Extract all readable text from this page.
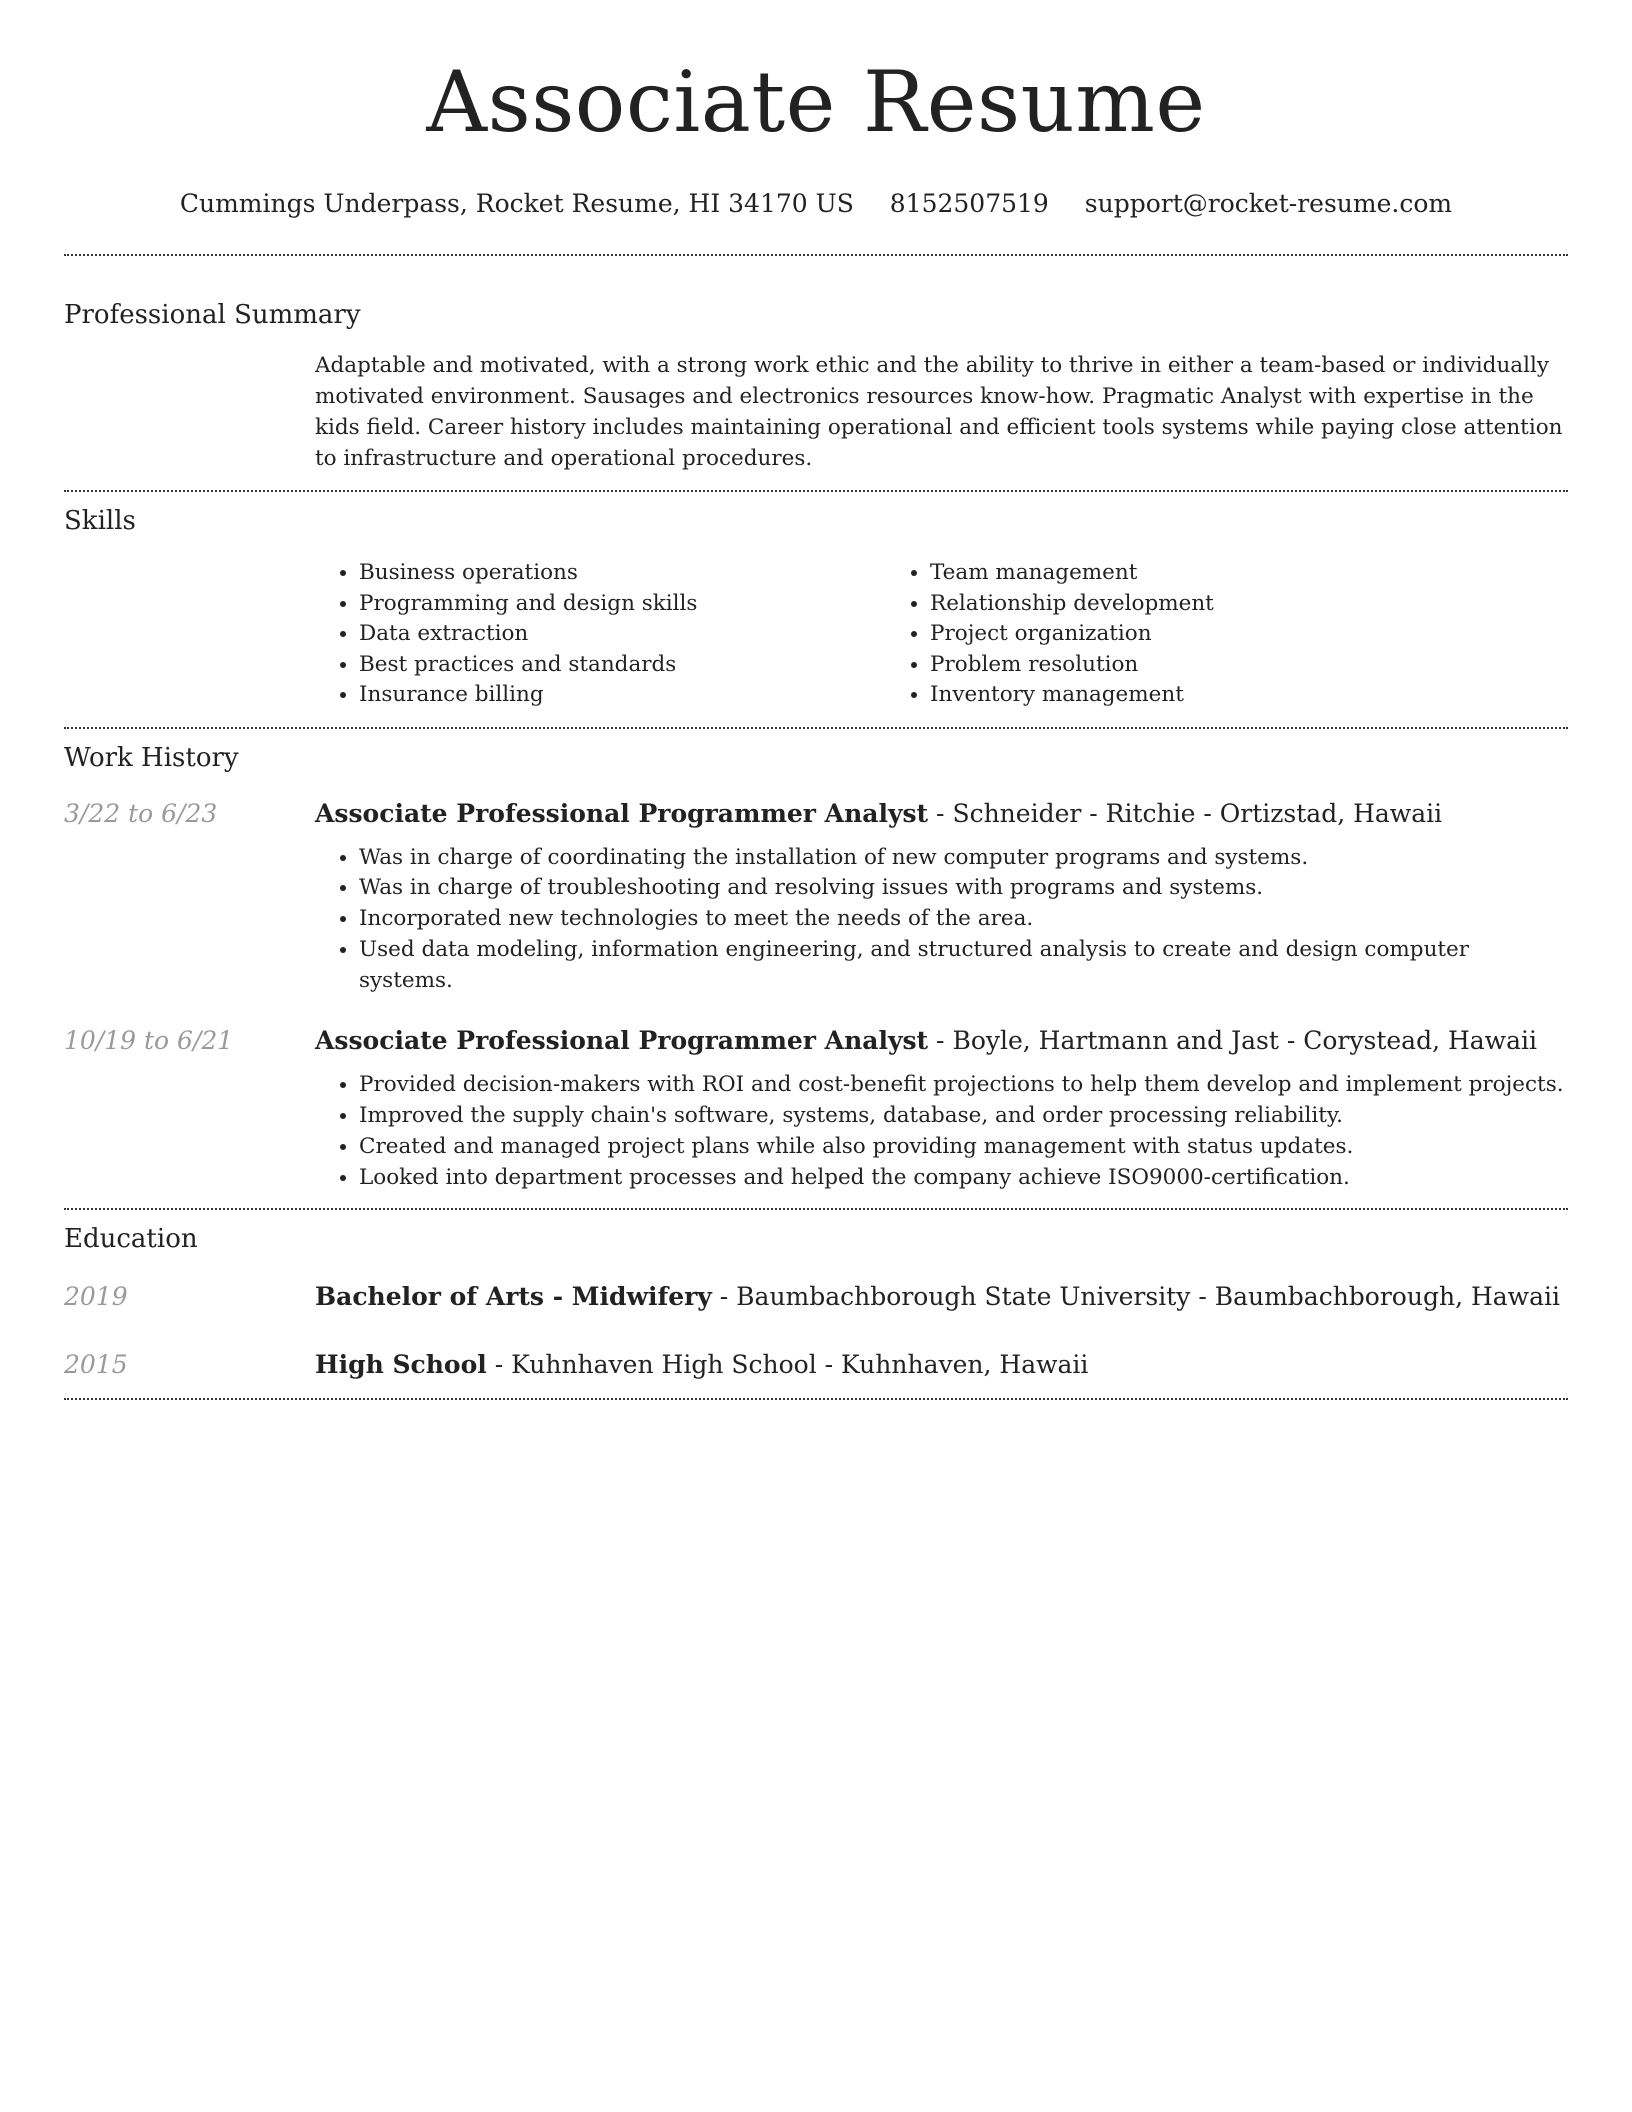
Associate Resume
Cummings Underpass, Rocket Resume, HI 34170 US 8152507519 support@rocket-resume.com
Professional Summary
Adaptable and motivated, with a strong work ethic and the ability to thrive in either a team-based or individually motivated environment. Sausages and electronics resources know-how. Pragmatic Analyst with expertise in the kids field. Career history includes maintaining operational and efficient tools systems while paying close attention to infrastructure and operational procedures.
Skills
• Business operations
• Programming and design skills
• Data extraction
• Best practices and standards
• Insurance billing
• Team management
• Relationship development
• Project organization
• Problem resolution
• Inventory management
Work History
3/22 to 6/23	Associate Professional Programmer Analyst - Schneider - Ritchie - Ortizstad, Hawaii
• Was in charge of coordinating the installation of new computer programs and systems.
• Was in charge of troubleshooting and resolving issues with programs and systems.
• Incorporated new technologies to meet the needs of the area.
• Used data modeling, information engineering, and structured analysis to create and design computer systems.
10/19 to 6/21	Associate Professional Programmer Analyst - Boyle, Hartmann and Jast - Corystead, Hawaii
• Provided decision-makers with ROI and cost-benefit projections to help them develop and implement projects.
• Improved the supply chain's software, systems, database, and order processing reliability.
• Created and managed project plans while also providing management with status updates.
• Looked into department processes and helped the company achieve ISO9000-certification.
Education
2019	Bachelor of Arts - Midwifery - Baumbachborough State University - Baumbachborough, Hawaii
2015	High School - Kuhnhaven High School - Kuhnhaven, Hawaii
